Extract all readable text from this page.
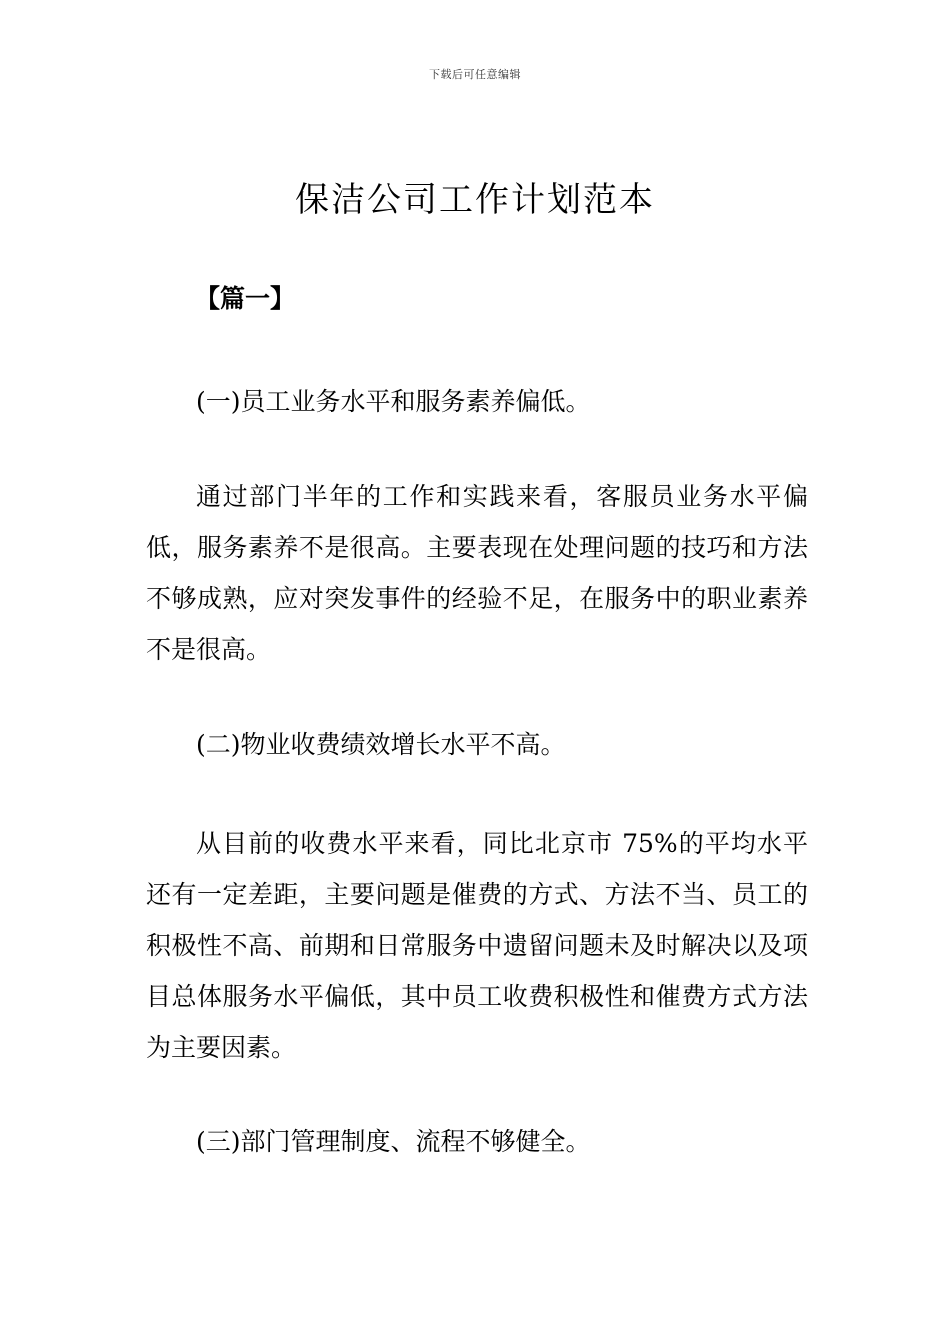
下载后可任意编辑
保洁公司工作计划范本

【篇一】

(一)员工业务水平和服务素养偏低。

通过部门半年的工作和实践来看，客服员业务水平偏低，服务素养不是很高。主要表现在处理问题的技巧和方法不够成熟，应对突发事件的经验不足，在服务中的职业素养不是很高。

(二)物业收费绩效增长水平不高。

从目前的收费水平来看，同比北京市 75%的平均水平还有一定差距，主要问题是催费的方式、方法不当、员工的积极性不高、前期和日常服务中遗留问题未及时解决以及项目总体服务水平偏低，其中员工收费积极性和催费方式方法为主要因素。

(三)部门管理制度、流程不够健全。
